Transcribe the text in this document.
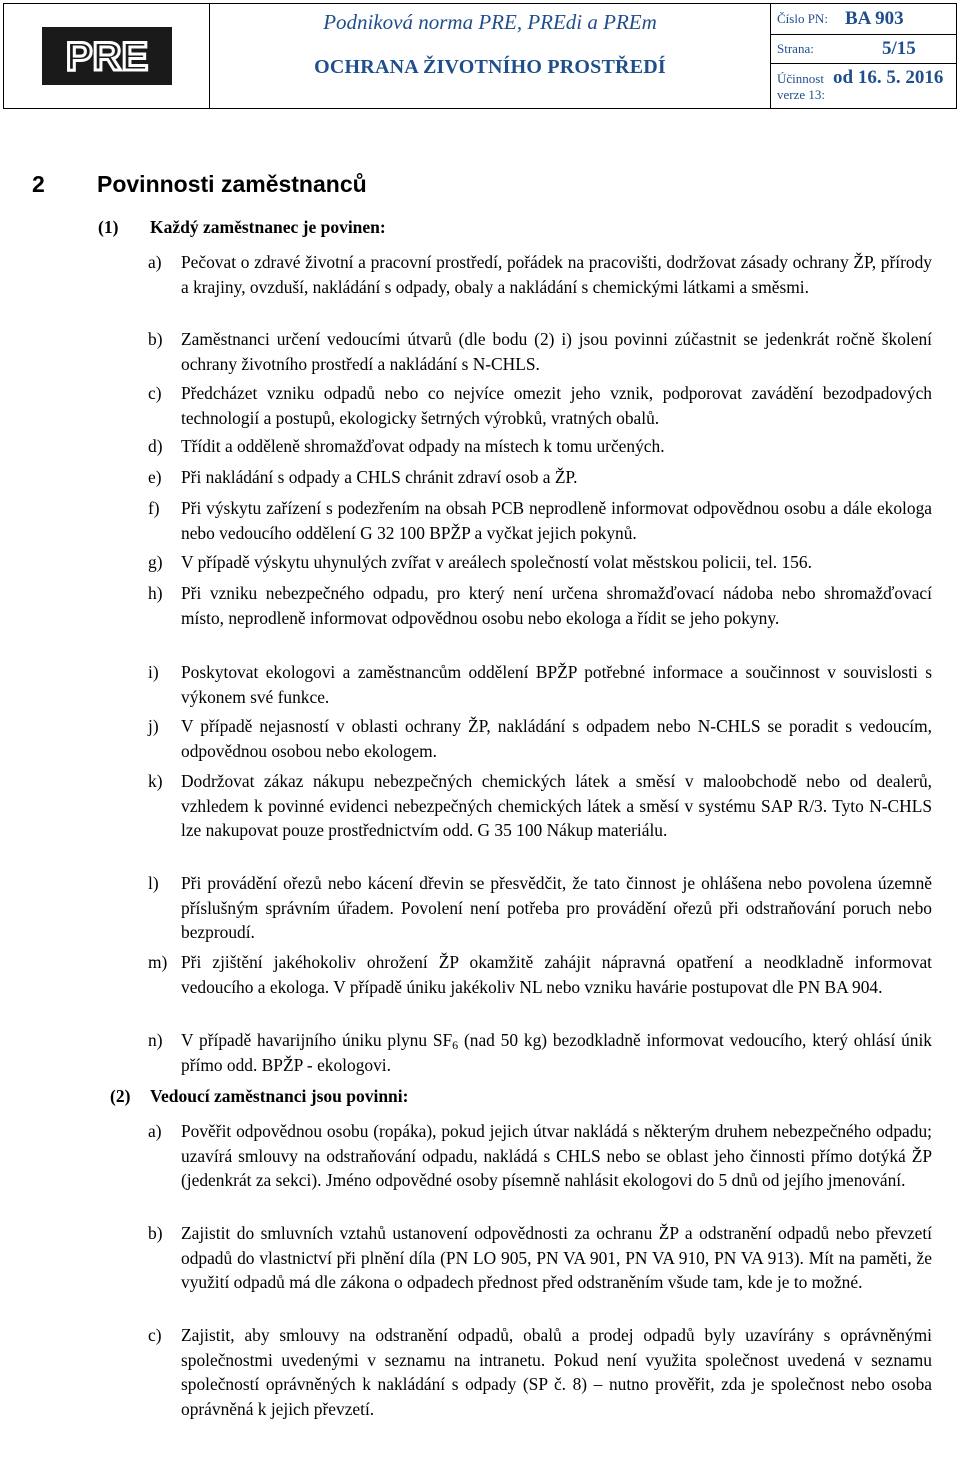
PRE
Podniková norma PRE, PREdi a PREm
OCHRANA ŽIVOTNÍHO PROSTŘEDÍ
Číslo PN: BA 903
Strana:	5/15
Účinnost od 16. 5. 2016
verze 13:
2 Povinnosti zaměstnanců
(1) Každý zaměstnanec je povinen:
a) Pečovat o zdravé životní a pracovní prostředí, pořádek na pracovišti, dodržovat zásady ochrany ŽP, přírody a krajiny, ovzduší, nakládání s odpady, obaly a nakládání s chemickými látkami a směsmi.
b) Zaměstnanci určení vedoucími útvarů (dle bodu (2) i) jsou povinni zúčastnit se jedenkrát ročně školení ochrany životního prostředí a nakládání s N-CHLS.
c) Předcházet vzniku odpadů nebo co nejvíce omezit jeho vznik, podporovat zavádění bezodpadových technologií a postupů, ekologicky šetrných výrobků, vratných obalů.
d) Třídit a odděleně shromažďovat odpady na místech k tomu určených.
e) Při nakládání s odpady a CHLS chránit zdraví osob a ŽP.
f) Při výskytu zařízení s podezřením na obsah PCB neprodleně informovat odpovědnou osobu a dále ekologa nebo vedoucího oddělení G 32 100 BPŽP a vyčkat jejich pokynů.
g) V případě výskytu uhynulých zvířat v areálech společností volat městskou policii, tel. 156.
h) Při vzniku nebezpečného odpadu, pro který není určena shromažďovací nádoba nebo shromažďovací místo, neprodleně informovat odpovědnou osobu nebo ekologa a řídit se jeho pokyny.
i) Poskytovat ekologovi a zaměstnancům oddělení BPŽP potřebné informace a součinnost v souvislosti s výkonem své funkce.
j) V případě nejasností v oblasti ochrany ŽP, nakládání s odpadem nebo N-CHLS se poradit s vedoucím, odpovědnou osobou nebo ekologem.
k) Dodržovat zákaz nákupu nebezpečných chemických látek a směsí v maloobchodě nebo od dealerů, vzhledem k povinné evidenci nebezpečných chemických látek a směsí v systému SAP R/3. Tyto N-CHLS lze nakupovat pouze prostřednictvím odd. G 35 100 Nákup materiálu.
l) Při provádění ořezů nebo kácení dřevin se přesvědčit, že tato činnost je ohlášena nebo povolena územně příslušným správním úřadem. Povolení není potřeba pro provádění ořezů při odstraňování poruch nebo bezproudí.
m) Při zjištění jakéhokoliv ohrožení ŽP okamžitě zahájit nápravná opatření a neodkladně informovat vedoucího a ekologa. V případě úniku jakékoliv NL nebo vzniku havárie postupovat dle PN BA 904.
n) V případě havarijního úniku plynu $SF_6$ (nad 50 kg) bezodkladně informovat vedoucího, který ohlásí únik přímo odd. BPŽP - ekologovi.
(2) Vedoucí zaměstnanci jsou povinni:
a) Pověřit odpovědnou osobu (ropáka), pokud jejich útvar nakládá s některým druhem nebezpečného odpadu; uzavírá smlouvy na odstraňování odpadu, nakládá s CHLS nebo se oblast jeho činnosti přímo dotýká ŽP (jedenkrát za sekci). Jméno odpovědné osoby písemně nahlásit ekologovi do 5 dnů od jejího jmenování.
b) Zajistit do smluvních vztahů ustanovení odpovědnosti za ochranu ŽP a odstranění odpadů nebo převzetí odpadů do vlastnictví při plnění díla (PN LO 905, PN VA 901, PN VA 910, PN VA 913). Mít na paměti, že využití odpadů má dle zákona o odpadech přednost před odstraněním všude tam, kde je to možné.
c) Zajistit, aby smlouvy na odstranění odpadů, obalů a prodej odpadů byly uzavírány s oprávněnými společnostmi uvedenými v seznamu na intranetu. Pokud není využita společnost uvedená v seznamu společností oprávněných k nakládání s odpady (SP č. 8) – nutno prověřit, zda je společnost nebo osoba oprávněná k jejich převzetí.
